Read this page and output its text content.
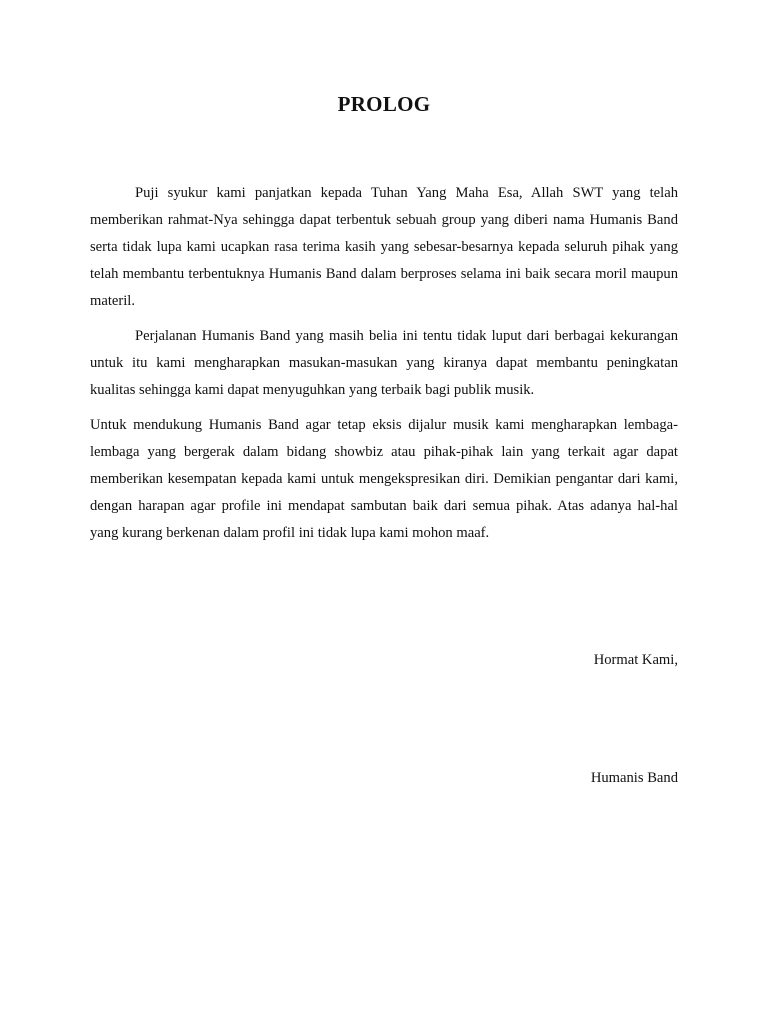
PROLOG

Puji syukur kami panjatkan kepada Tuhan Yang Maha Esa, Allah SWT yang telah memberikan rahmat-Nya sehingga dapat terbentuk sebuah group yang diberi nama Humanis Band serta tidak lupa kami ucapkan rasa terima kasih yang sebesar-besarnya kepada seluruh pihak yang telah membantu terbentuknya Humanis Band dalam berproses selama ini baik secara moril maupun materil.

Perjalanan Humanis Band yang masih belia ini tentu tidak luput dari berbagai kekurangan untuk itu kami mengharapkan masukan-masukan yang kiranya dapat membantu peningkatan kualitas sehingga kami dapat menyuguhkan yang terbaik bagi publik musik.

Untuk mendukung Humanis Band agar tetap eksis dijalur musik kami mengharapkan lembaga-lembaga yang bergerak dalam bidang showbiz atau pihak-pihak lain yang terkait agar dapat memberikan kesempatan kepada kami untuk mengekspresikan diri. Demikian pengantar dari kami, dengan harapan agar profile ini mendapat sambutan baik dari semua pihak. Atas adanya hal-hal yang kurang berkenan dalam profil ini tidak lupa kami mohon maaf.

Hormat Kami,

Humanis Band
